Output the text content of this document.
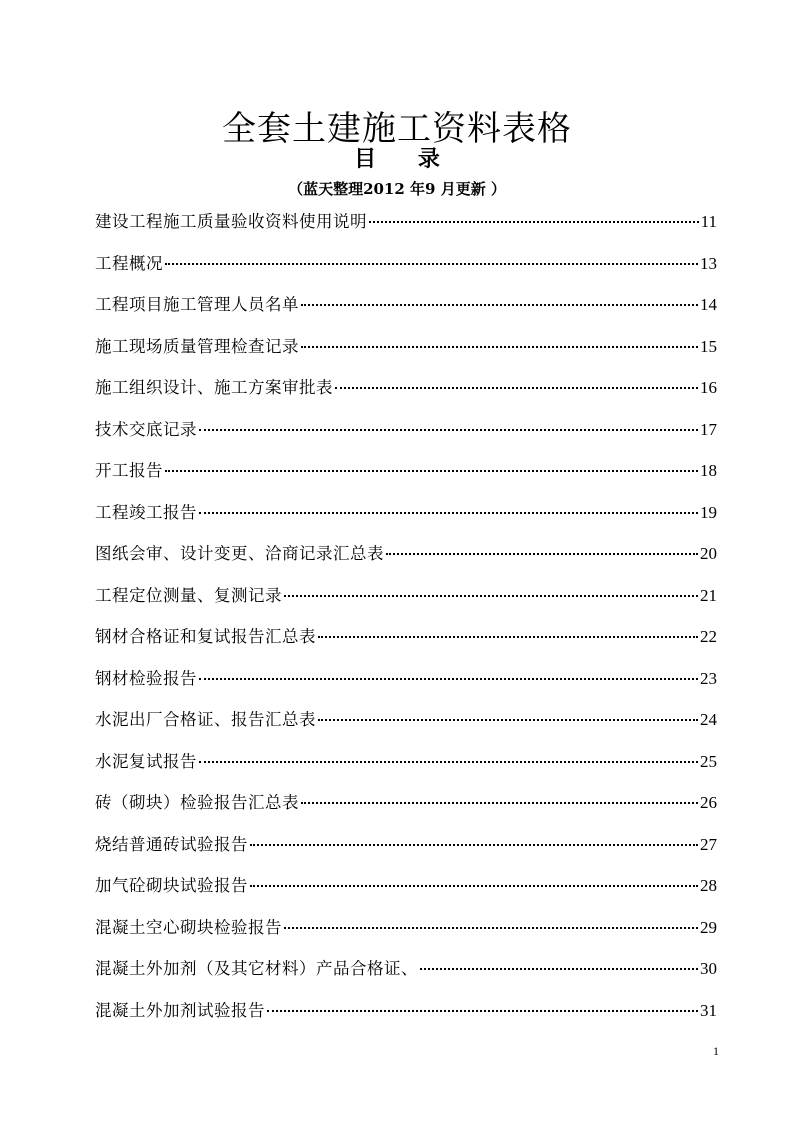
全套土建施工资料表格
目 录
（蓝天整理2012 年9 月更新 ）
建设工程施工质量验收资料使用说明	11
工程概况	13
工程项目施工管理人员名单	14
施工现场质量管理检查记录	15
施工组织设计、施工方案审批表	16
技术交底记录	17
开工报告	18
工程竣工报告	19
图纸会审、设计变更、洽商记录汇总表	20
工程定位测量、复测记录	21
钢材合格证和复试报告汇总表	22
钢材检验报告	23
水泥出厂合格证、报告汇总表	24
水泥复试报告	25
砖（砌块）检验报告汇总表	26
烧结普通砖试验报告	27
加气砼砌块试验报告	28
混凝土空心砌块检验报告	29
混凝土外加剂（及其它材料）产品合格证、	30
混凝土外加剂试验报告	31
1
